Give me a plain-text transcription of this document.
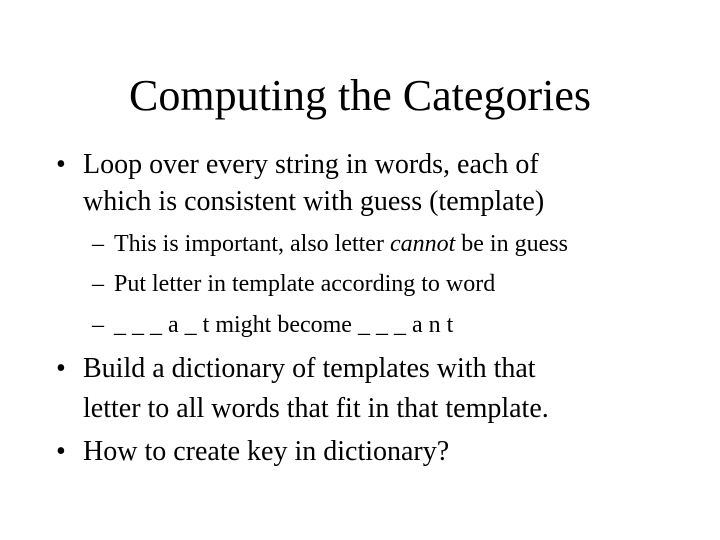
Computing the Categories
• Loop over every string in words, each of
which is consistent with guess (template)
– This is important, also letter cannot be in guess
– Put letter in template according to word
– _ _ _ a _ t might become _ _ _ a n t
• Build a dictionary of templates with that
letter to all words that fit in that template.
• How to create key in dictionary?
